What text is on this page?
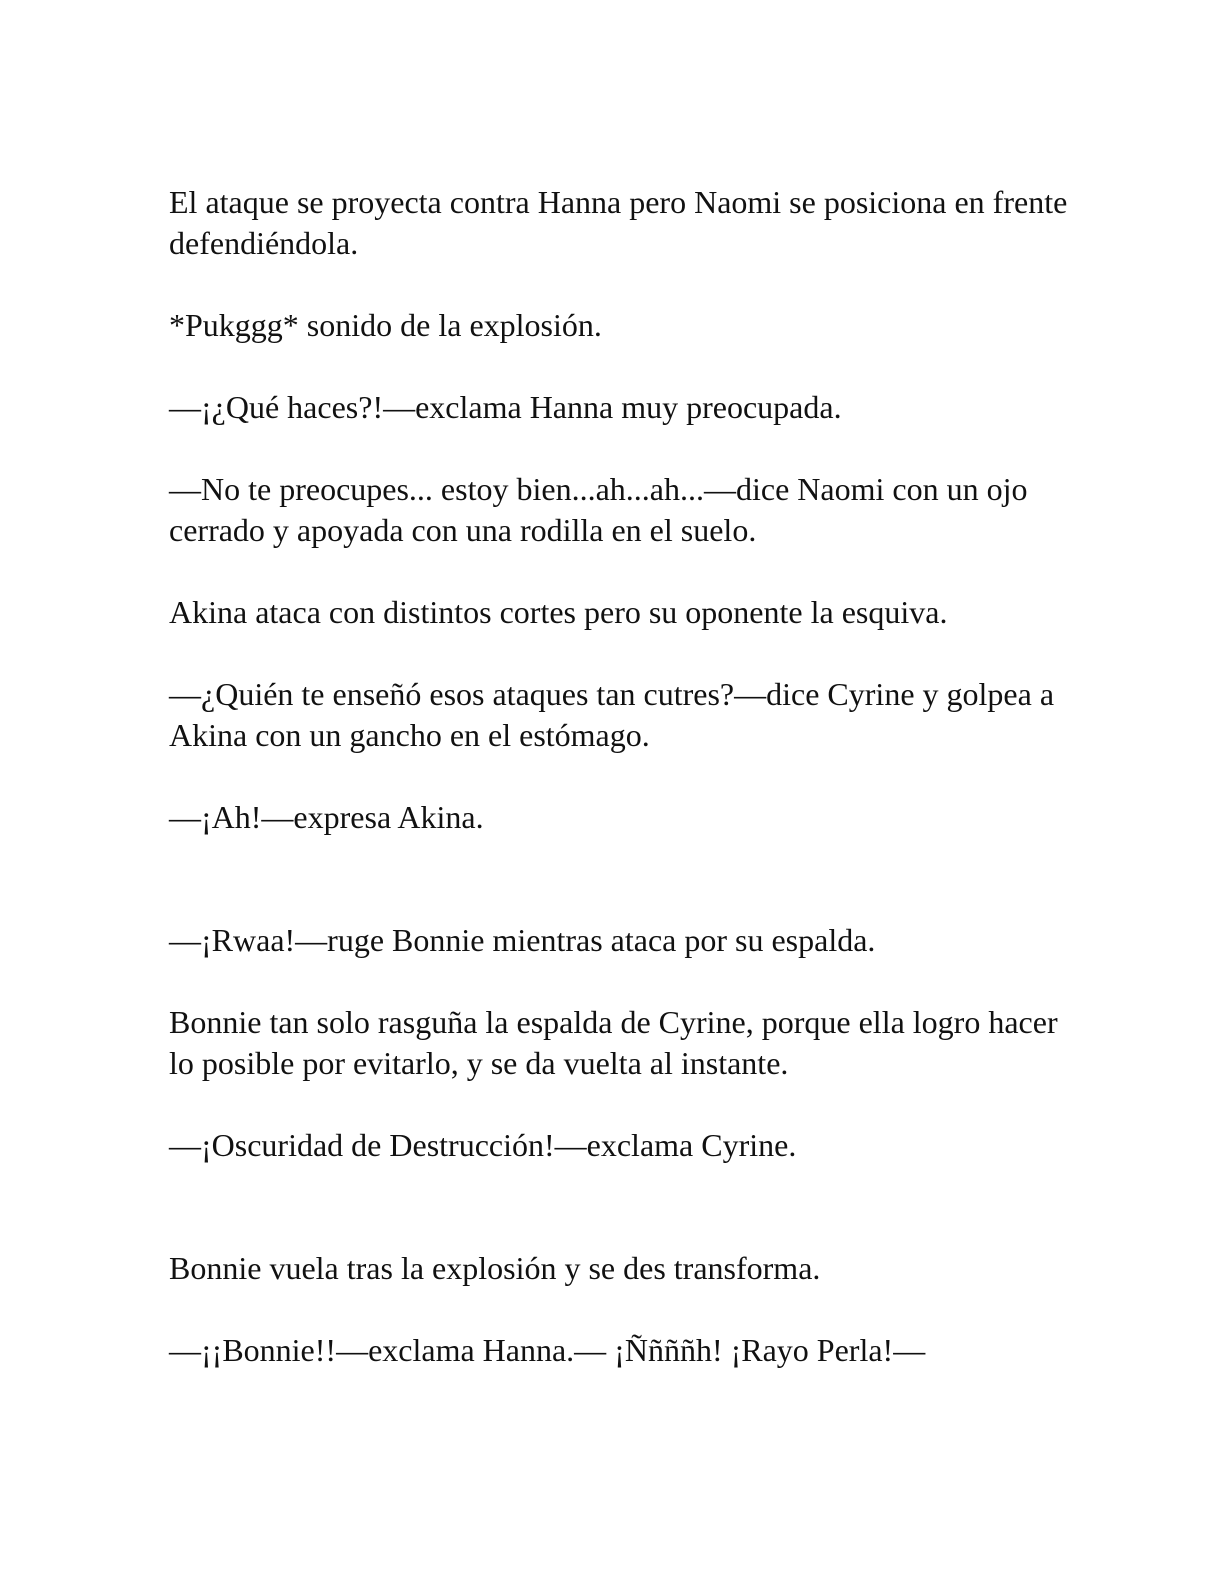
El ataque se proyecta contra Hanna pero Naomi se posiciona en frente defendiéndola.

*Pukggg* sonido de la explosión.

—¡¿Qué haces?!—exclama Hanna muy preocupada.

—No te preocupes... estoy bien...ah...ah...—dice Naomi con un ojo cerrado y apoyada con una rodilla en el suelo.

Akina ataca con distintos cortes pero su oponente la esquiva.

—¿Quién te enseñó esos ataques tan cutres?—dice Cyrine y golpea a Akina con un gancho en el estómago.

—¡Ah!—expresa Akina.

—¡Rwaa!—ruge Bonnie mientras ataca por su espalda.

Bonnie tan solo rasguña la espalda de Cyrine, porque ella logro hacer lo posible por evitarlo, y se da vuelta al instante.

—¡Oscuridad de Destrucción!—exclama Cyrine.

Bonnie vuela tras la explosión y se des transforma.

—¡¡Bonnie!!—exclama Hanna.— ¡Ññññh! ¡Rayo Perla!—
